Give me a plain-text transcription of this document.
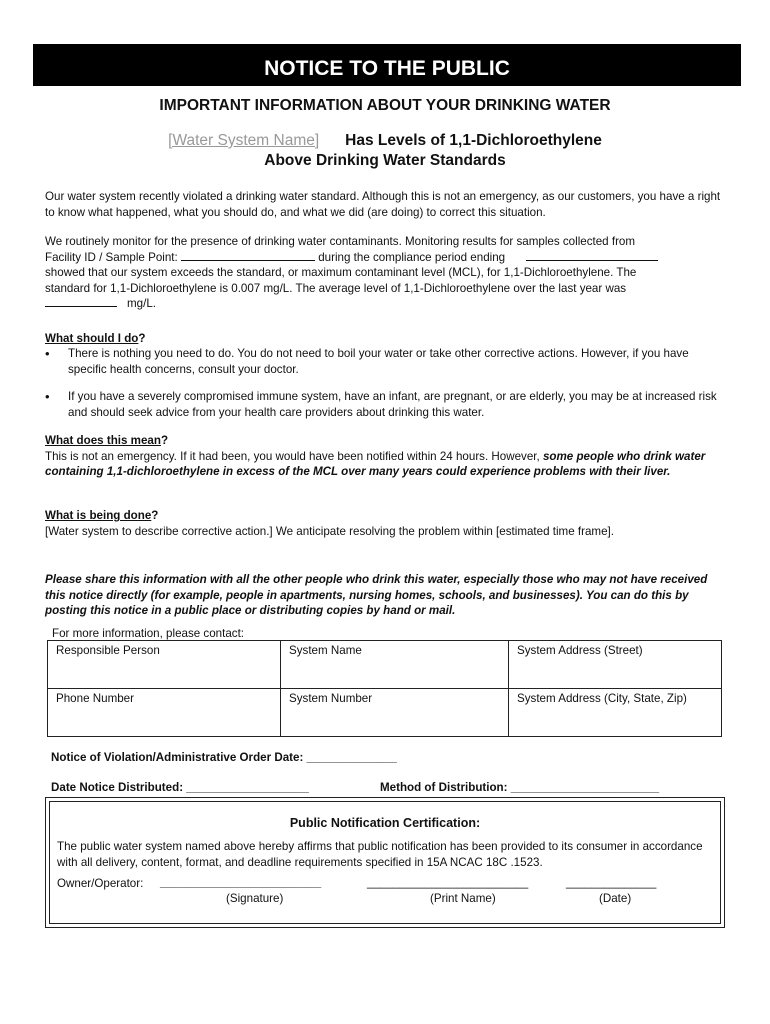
NOTICE TO THE PUBLIC
IMPORTANT INFORMATION ABOUT YOUR DRINKING WATER
[Water System Name] Has Levels of 1,1-Dichloroethylene
Above Drinking Water Standards
Our water system recently violated a drinking water standard. Although this is not an emergency, as our customers, you have a right to know what happened, what you should do, and what we did (are doing) to correct this situation.
We routinely monitor for the presence of drinking water contaminants. Monitoring results for samples collected from
Facility ID / Sample Point:	during the compliance period ending
showed that our system exceeds the standard, or maximum contaminant level (MCL), for 1,1-Dichloroethylene. The
standard for 1,1-Dichloroethylene is 0.007 mg/L. The average level of 1,1-Dichloroethylene over the last year was
mg/L.
What should I do?
• There is nothing you need to do. You do not need to boil your water or take other corrective actions. However, if you have specific health concerns, consult your doctor.
• If you have a severely compromised immune system, have an infant, are pregnant, or are elderly, you may be at increased risk and should seek advice from your health care providers about drinking this water.
What does this mean?
This is not an emergency. If it had been, you would have been notified within 24 hours. However, some people who drink water containing 1,1-dichloroethylene in excess of the MCL over many years could experience problems with their liver.
What is being done?
[Water system to describe corrective action.] We anticipate resolving the problem within [estimated time frame].
Please share this information with all the other people who drink this water, especially those who may not have received this notice directly (for example, people in apartments, nursing homes, schools, and businesses). You can do this by posting this notice in a public place or distributing copies by hand or mail.
For more information, please contact:
Responsible Person	System Name	System Address (Street)
Phone Number	System Number	System Address (City, State, Zip)
Notice of Violation/Administrative Order Date: ______________
Date Notice Distributed: ___________________	Method of Distribution: _______________________
Public Notification Certification:
The public water system named above hereby affirms that public notification has been provided to its consumer in accordance with all delivery, content, format, and deadline requirements specified in 15A NCAC 18C .1523.
Owner/Operator: _________________________	_________________________	______________
(Signature)	(Print Name)	(Date)
